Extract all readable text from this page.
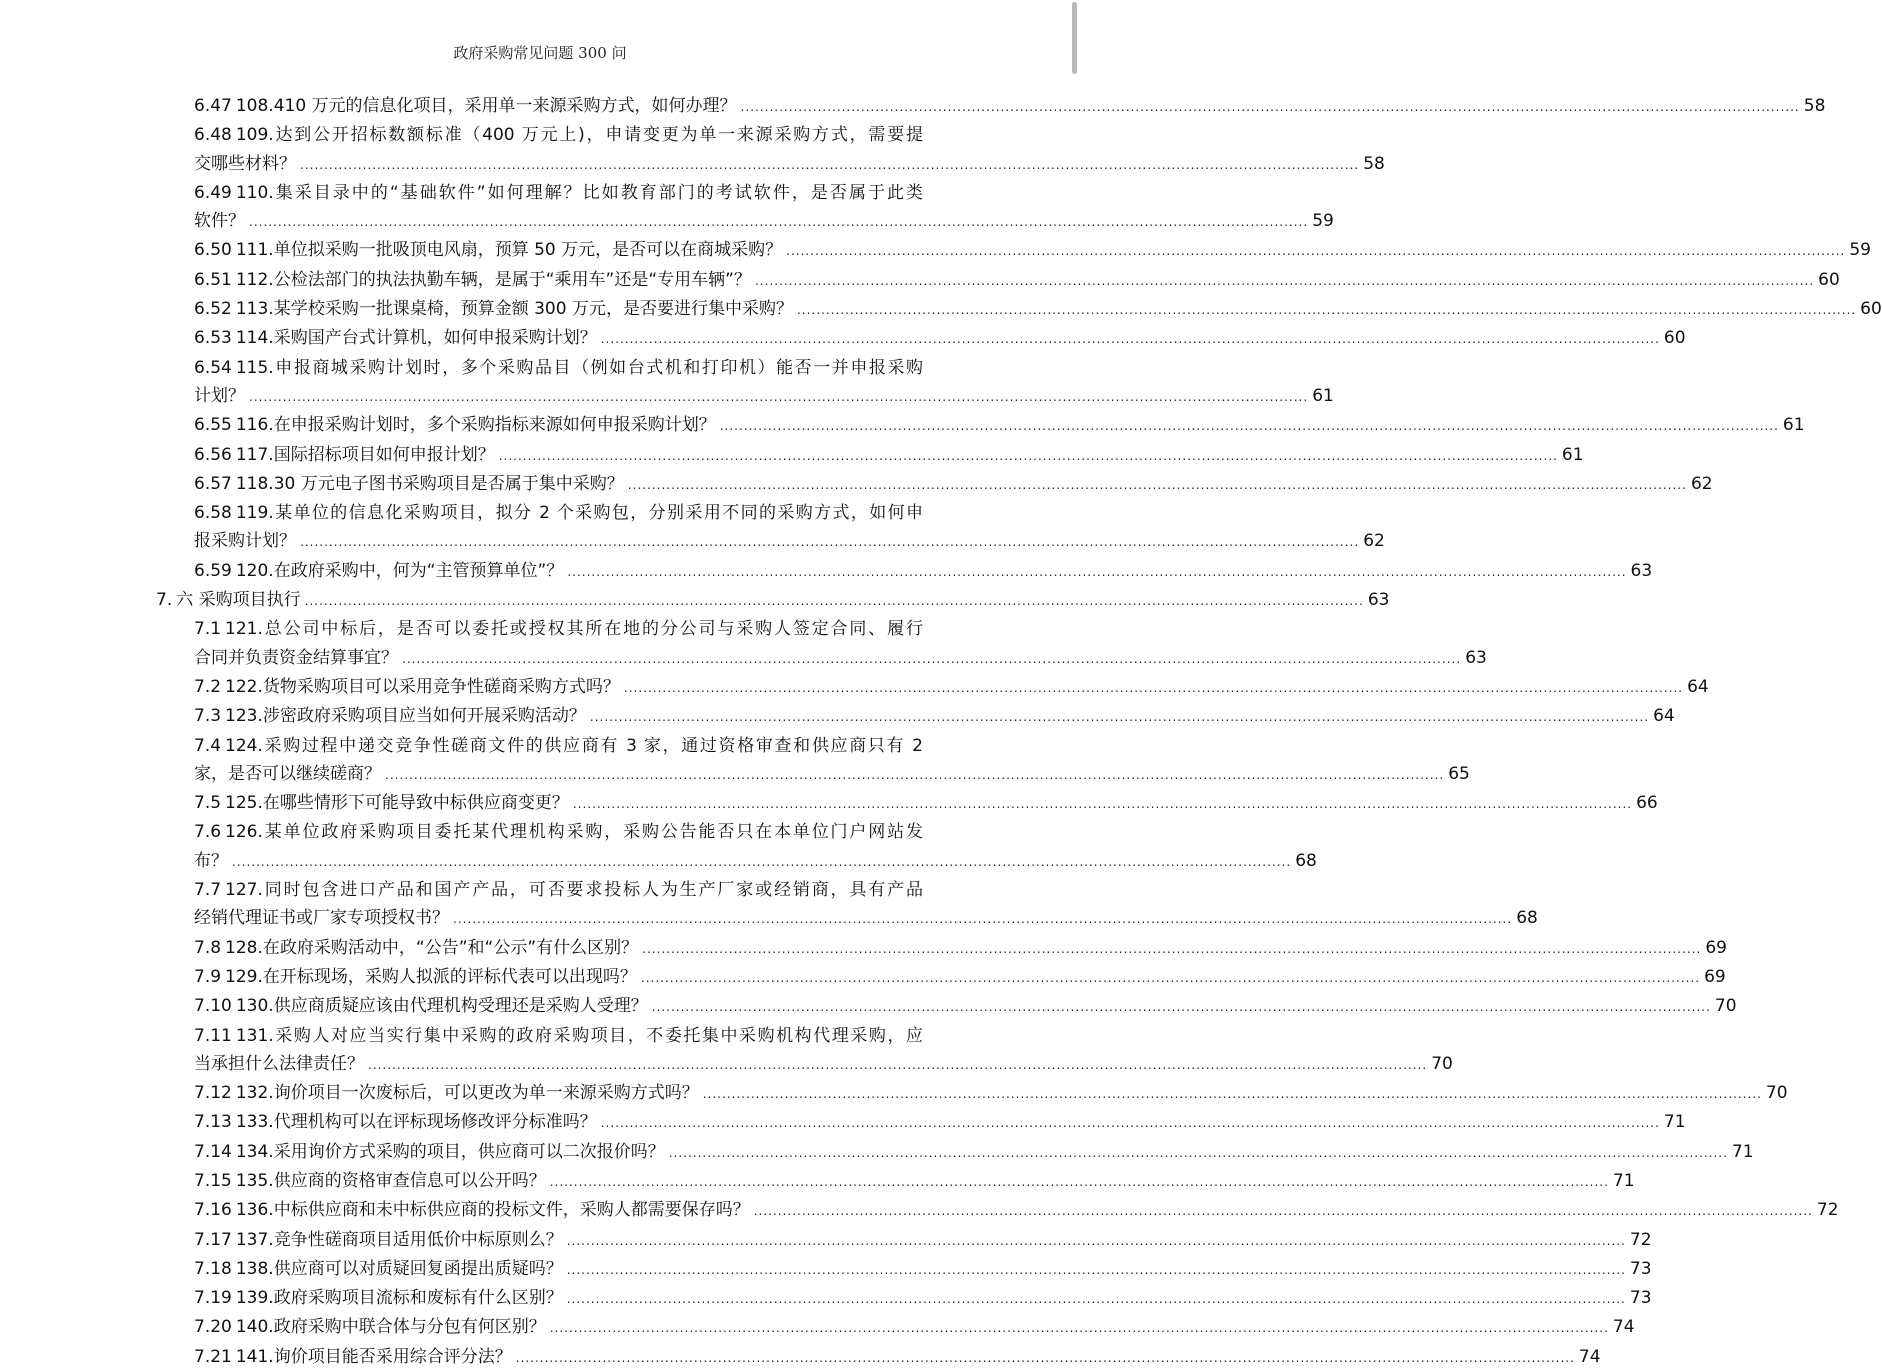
政府采购常见问题 300 问
6.47 108.410 万元的信息化项目，采用单一来源采购方式，如何办理？ ............................................................................................................................................................................................................................ 58
6.48 109.达到公开招标数额标准（400 万元上)，申请变更为单一来源采购方式，需要提
交哪些材料？ ............................................................................................................................................................................................................................ 58
6.49 110.集采目录中的“基础软件”如何理解？比如教育部门的考试软件，是否属于此类
软件？ ............................................................................................................................................................................................................................ 59
6.50 111.单位拟采购一批吸顶电风扇，预算 50 万元，是否可以在商城采购？ ............................................................................................................................................................................................................................ 59
6.51 112.公检法部门的执法执勤车辆，是属于“乘用车”还是“专用车辆”？ ............................................................................................................................................................................................................................ 60
6.52 113.某学校采购一批课桌椅，预算金额 300 万元，是否要进行集中采购？ ............................................................................................................................................................................................................................ 60
6.53 114.采购国产台式计算机，如何申报采购计划？ ............................................................................................................................................................................................................................ 60
6.54 115.申报商城采购计划时，多个采购品目（例如台式机和打印机）能否一并申报采购
计划？ ............................................................................................................................................................................................................................ 61
6.55 116.在申报采购计划时，多个采购指标来源如何申报采购计划？ ............................................................................................................................................................................................................................ 61
6.56 117.国际招标项目如何申报计划？ ............................................................................................................................................................................................................................ 61
6.57 118.30 万元电子图书采购项目是否属于集中采购？ ............................................................................................................................................................................................................................ 62
6.58 119.某单位的信息化采购项目，拟分 2 个采购包，分别采用不同的采购方式，如何申
报采购计划？ ............................................................................................................................................................................................................................ 62
6.59 120.在政府采购中，何为“主管预算单位”？ ............................................................................................................................................................................................................................ 63
7. 六 采购项目执行 ............................................................................................................................................................................................................................ 63
7.1 121.总公司中标后，是否可以委托或授权其所在地的分公司与采购人签定合同、履行
合同并负责资金结算事宜？ ............................................................................................................................................................................................................................ 63
7.2 122.货物采购项目可以采用竞争性磋商采购方式吗？ ............................................................................................................................................................................................................................ 64
7.3 123.涉密政府采购项目应当如何开展采购活动？ ............................................................................................................................................................................................................................ 64
7.4 124.采购过程中递交竞争性磋商文件的供应商有 3 家，通过资格审查和供应商只有 2
家，是否可以继续磋商？ ............................................................................................................................................................................................................................ 65
7.5 125.在哪些情形下可能导致中标供应商变更？ ............................................................................................................................................................................................................................ 66
7.6 126.某单位政府采购项目委托某代理机构采购，采购公告能否只在本单位门户网站发
布？ ............................................................................................................................................................................................................................ 68
7.7 127.同时包含进口产品和国产产品，可否要求投标人为生产厂家或经销商，具有产品
经销代理证书或厂家专项授权书？ ............................................................................................................................................................................................................................ 68
7.8 128.在政府采购活动中，“公告”和“公示”有什么区别？ ............................................................................................................................................................................................................................ 69
7.9 129.在开标现场，采购人拟派的评标代表可以出现吗？ ............................................................................................................................................................................................................................ 69
7.10 130.供应商质疑应该由代理机构受理还是采购人受理？ ............................................................................................................................................................................................................................ 70
7.11 131.采购人对应当实行集中采购的政府采购项目，不委托集中采购机构代理采购，应
当承担什么法律责任？ ............................................................................................................................................................................................................................ 70
7.12 132.询价项目一次废标后，可以更改为单一来源采购方式吗？ ............................................................................................................................................................................................................................ 70
7.13 133.代理机构可以在评标现场修改评分标准吗？ ............................................................................................................................................................................................................................ 71
7.14 134.采用询价方式采购的项目，供应商可以二次报价吗？ ............................................................................................................................................................................................................................ 71
7.15 135.供应商的资格审查信息可以公开吗？ ............................................................................................................................................................................................................................ 71
7.16 136.中标供应商和未中标供应商的投标文件，采购人都需要保存吗？ ............................................................................................................................................................................................................................ 72
7.17 137.竞争性磋商项目适用低价中标原则么？ ............................................................................................................................................................................................................................ 72
7.18 138.供应商可以对质疑回复函提出质疑吗？ ............................................................................................................................................................................................................................ 73
7.19 139.政府采购项目流标和废标有什么区别？ ............................................................................................................................................................................................................................ 73
7.20 140.政府采购中联合体与分包有何区别？ ............................................................................................................................................................................................................................ 74
7.21 141.询价项目能否采用综合评分法？ ............................................................................................................................................................................................................................ 74
